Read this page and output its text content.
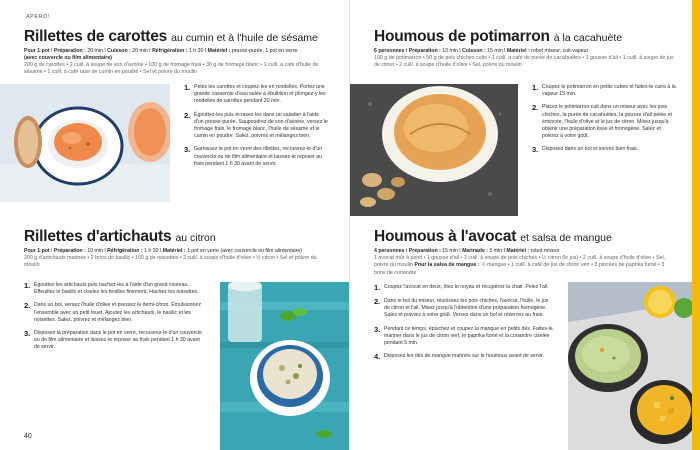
APÉRO!
Rillettes de carottes au cumin et à l'huile de sésame
Pour 1 pot ǀ Préparation : 20 min ǀ Cuisson : 20 min ǀ Réfrigération : 1 h 30 ǀ Matériel : presse-purée, 1 pot en verre
(avec couvercle ou film alimentaire)
200 g de carottes • 2 cuill. à soupe de son d'avoine • 100 g de fromage frais • 30 g de fromage blanc • 1 cuill. à café d'huile de sésame • 1 cuill. à café rase de cumin en poudre • Sel et poivre du moulin
1. Pelez les carottes et coupez-les en rondelles. Portez une grande casserole d'eau salée à ébullition et plongez-y les rondelles de carottes pendant 20 min.
2. Égouttez-les puis écrasez-les dans un saladier à l'aide d'un presse-purée. Saupoudrez de son d'avoine, versez le fromage frais, le fromage blanc, l'huile de sésame et le cumin en poudre. Salez, poivrez et mélangez bien.
3. Garnissez le pot en verre des rillettes, recouvrez-le d'un couvercle ou de film alimentaire et laissez-le reposer au frais pendant 1 h 30 avant de servir.
Rillettes d'artichauts au citron
Pour 1 pot ǀ Préparation : 10 min ǀ Réfrigération : 1 h 30 ǀ Matériel : 1 pot en verre (avec couvercle ou film alimentaire)
200 g d'artichauts marinés • 2 brins de basilic • 100 g de noisettes • 2 cuill. à soupe d'huile d'olive • ½ citron • Sel et poivre du moulin
1. Égouttez les artichauts puis hachez-les à l'aide d'un grand couteau. Effeuillez le basilic et ciselez les feuilles finement. Hachez les noisettes.
2. Dans un bol, versez l'huile d'olive et pressez le demi-citron. Émulsionnez l'ensemble avec un petit fouet. Ajoutez les artichauts, le basilic et les noisettes. Salez, poivrez et mélangez bien.
3. Disposez la préparation dans le pot en verre, recouvrez-le d'un couvercle ou de film alimentaire et laissez-le reposer au frais pendant 1 h 30 avant de servir.
40
Houmous de potimarron à la cacahuète
6 personnes ǀ Préparation : 10 min ǀ Cuisson : 15 min ǀ Matériel : robot mixeur, cuit-vapeur
100 g de potimarron • 50 g de pois chiches cuits • 1 cuill. à café de purée de cacahuètes • 1 gousse d'ail • 1 cuill. à soupe de jus de citron • 2 cuill. à soupe d'huile d'olive • Sel, poivre du moulin
1. Coupez le potimarron en petits cubes et faites-le cuire à la vapeur 15 min.
2. Placez le potimarron cuit dans un mixeur avec les pois chiches, la purée de cacahuètes, la gousse d'ail pelée et émincée, l'huile d'olive et le jus de citron. Mixez jusqu'à obtenir une préparation lisse et homogène. Salez et poivrez à votre goût.
3. Disposez dans un bol et servez bien frais.
Houmous à l'avocat et salsa de mangue
4 personnes ǀ Préparation : 15 min ǀ Marinade : 5 min ǀ Matériel : robot mixeur
1 avocat mûr à point • 1 gousse d'ail • 3 cuill. à soupe de pois chiches • ½ citron (le jus) • 2 cuill. à soupe d'huile d'olive • Sel, poivre du moulin Pour la salsa de mangue : ½ mangue • 1 cuill. à café de jus de citron vert • 3 pincées de paprika fumé • 3 brins de coriandre
1. Coupez l'avocat en deux, ôtez le noyau et récupérez la chair. Pelez l'ail.
2. Dans le bol du mixeur, réunissez les pois chiches, l'avocat, l'huile, le jus de citron et l'ail. Mixez jusqu'à l'obtention d'une préparation homogène. Salez et poivrez à votre goût. Versez dans un bol et réservez au frais.
3. Pendant ce temps, épluchez et coupez la mangue en petits dés. Faites-la mariner dans le jus de citron vert, le paprika fumé et la coriandre ciselée pendant 5 min.
4. Disposez les dés de mangue marinés sur le houmous avant de servir.
